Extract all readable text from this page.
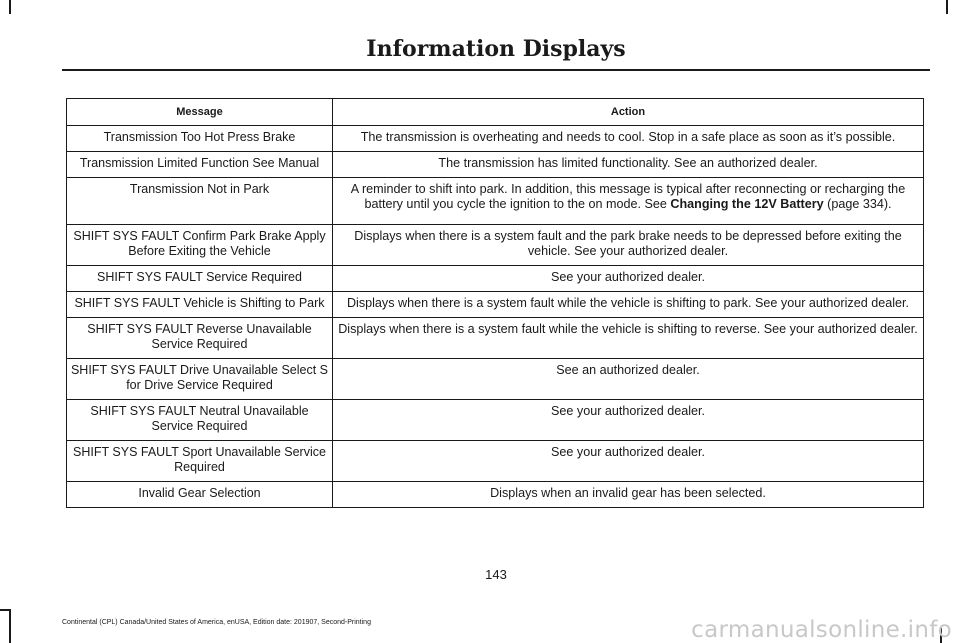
Information Displays
Message	Action
Transmission Too Hot Press Brake	The transmission is overheating and needs to cool. Stop in a safe place as soon as it’s possible.
Transmission Limited Function See Manual	The transmission has limited functionality. See an authorized dealer.
Transmission Not in Park	A reminder to shift into park. In addition, this message is typical after reconnecting or recharging the battery until you cycle the ignition to the on mode. See Changing the 12V Battery (page 334).
SHIFT SYS FAULT Confirm Park Brake Apply Before Exiting the Vehicle	Displays when there is a system fault and the park brake needs to be depressed before exiting the vehicle. See your authorized dealer.
SHIFT SYS FAULT Service Required	See your authorized dealer.
SHIFT SYS FAULT Vehicle is Shifting to Park	Displays when there is a system fault while the vehicle is shifting to park. See your authorized dealer.
SHIFT SYS FAULT Reverse Unavailable Service Required	Displays when there is a system fault while the vehicle is shifting to reverse. See your authorized dealer.
SHIFT SYS FAULT Drive Unavailable Select S for Drive Service Required	See an authorized dealer.
SHIFT SYS FAULT Neutral Unavailable Service Required	See your authorized dealer.
SHIFT SYS FAULT Sport Unavailable Service Required	See your authorized dealer.
Invalid Gear Selection	Displays when an invalid gear has been selected.
143
Continental (CPL) Canada/United States of America, enUSA, Edition date: 201907, Second-Printing	carmanualsonline.info
